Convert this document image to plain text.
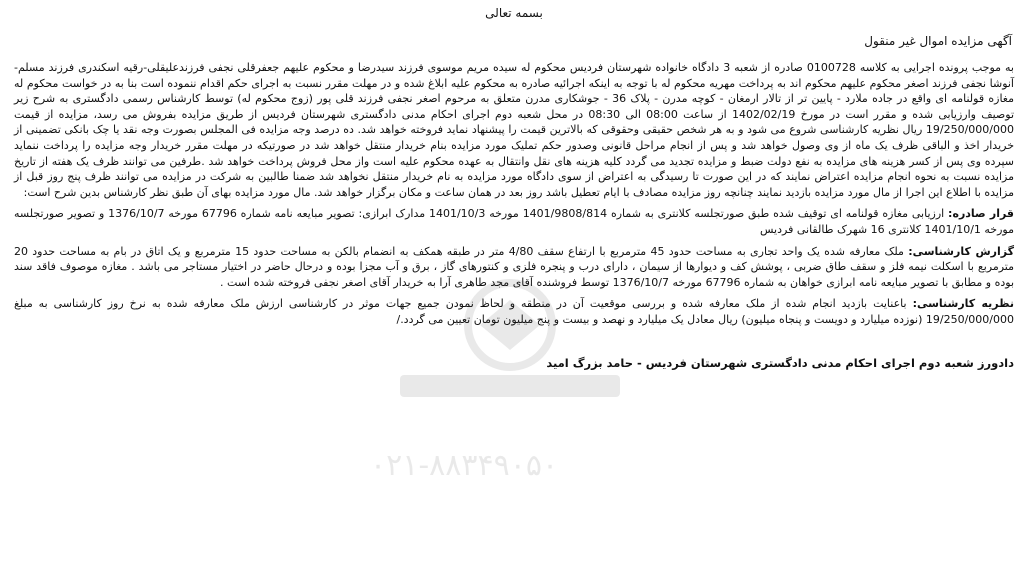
بسمه تعالی
آگهی مزایده اموال غیر منقول

به موجب پرونده اجرایی به کلاسه 0100728 صادره از شعبه 3 دادگاه خانواده شهرستان فردیس محکوم له سیده مریم موسوی فرزند سیدرضا و محکوم علیهم جعفرقلی نجفی فرزندعلیقلی-رقیه اسکندری فرزند مسلم-آنوشا نجفی فرزند اصغر محکوم علیهم محکوم اند به پرداخت مهریه محکوم له با توجه به اینکه اجرائیه صادره به محکوم علیه ابلاغ شده و در مهلت مقرر نسبت به اجرای حکم اقدام ننموده است بنا به در خواست محکوم له مغازه قولنامه ای واقع در جاده ملارد - پایین تر از تالار ارمغان - کوچه مدرن - پلاک 36 - جوشکاری مدرن متعلق به مرحوم اصغر نجفی فرزند قلی پور (زوج محکوم له) توسط کارشناس رسمی دادگستری به شرح زیر توصیف وارزیابی شده و مقرر است در مورخ 1402/02/19 از ساعت 08:00 الی 08:30 در محل شعبه دوم اجرای احکام مدنی دادگستری شهرستان فردیس از طریق مزایده بفروش می رسد، مزایده از قیمت 19/250/000/000 ریال نظریه کارشناسی شروع می شود و به هر شخص حقیقی وحقوقی که بالاترین قیمت را پیشنهاد نماید فروخته خواهد شد. ده درصد وجه مزایده فی المجلس بصورت وجه نقد یا چک بانکی تضمینی از خریدار اخذ و الباقی ظرف یک ماه از وی وصول خواهد شد و پس از انجام مراحل قانونی وصدور حکم تملیک مورد مزایده بنام خریدار منتقل خواهد شد در صورتیکه در مهلت مقرر خریدار وجه مزایده را پرداخت ننماید سپرده وی پس از کسر هزینه های مزایده به نفع دولت ضبط و مزایده تجدید می گردد کلیه هزینه های نقل وانتقال به عهده محکوم علیه است واز محل فروش پرداخت خواهد شد .طرفین می توانند ظرف یک هفته از تاریخ مزایده نسبت به نحوه انجام مزایده اعتراض نمایند که در این صورت تا رسیدگی به اعتراض از سوی دادگاه مورد مزایده به نام خریدار منتقل نخواهد شد ضمنا طالبین به شرکت در مزایده می توانند ظرف پنج روز قبل از مزایده با اطلاع این اجرا از مال مورد مزایده بازدید نمایند چنانچه روز مزایده مصادف با ایام تعطیل باشد روز بعد در همان ساعت و مکان برگزار خواهد شد. مال مورد مزایده بهای آن طبق نظر کارشناس بدین شرح است:

قرار صادره: ارزیابی مغازه قولنامه ای توقیف شده طبق صورتجلسه کلانتری به شماره 1401/9808/814 مورخه 1401/10/3 مدارک ابرازی: تصویر مبایعه نامه شماره 67796 مورخه 1376/10/7 و تصویر صورتجلسه مورخه 1401/10/1 کلانتری 16 شهرک طالقانی فردیس

گزارش کارشناسی: ملک معارفه شده یک واحد تجاری به مساحت حدود 45 مترمربع با ارتفاع سقف 4/80 متر در طبقه همکف به انضمام بالکن به مساحت حدود 15 مترمربع و یک اتاق در بام به مساحت حدود 20 مترمربع با اسکلت نیمه فلز و سقف طاق ضربی ، پوشش کف و دیوارها از سیمان ، دارای درب و پنجره فلزی و کنتورهای گاز ، برق و آب مجزا بوده و درحال حاضر در اختیار مستاجر می باشد . مغازه موصوف فاقد سند بوده و مطابق با تصویر مبایعه نامه ابرازی خواهان به شماره 67796 مورخه 1376/10/7 توسط فروشنده آقای مجد طاهری آرا به خریدار آقای اصغر نجفی فروخته شده است .

نظریه کارشناسی: باعنایت بازدید انجام شده از ملک معارفه شده و بررسی موقعیت آن در منطقه و لحاظ نمودن جمیع جهات موثر در کارشناسی ارزش ملک معارفه شده به نرخ روز کارشناسی به مبلغ 19/250/000/000 (نوزده میلیارد و دویست و پنجاه میلیون) ریال معادل یک میلیارد و نهصد و بیست و پنج میلیون تومان تعیین می گردد./

دادورز شعبه دوم اجرای احکام مدنی دادگستری شهرستان فردیس - حامد بزرگ امید

۰۲۱-۸۸۳۴۹۰۵۰
